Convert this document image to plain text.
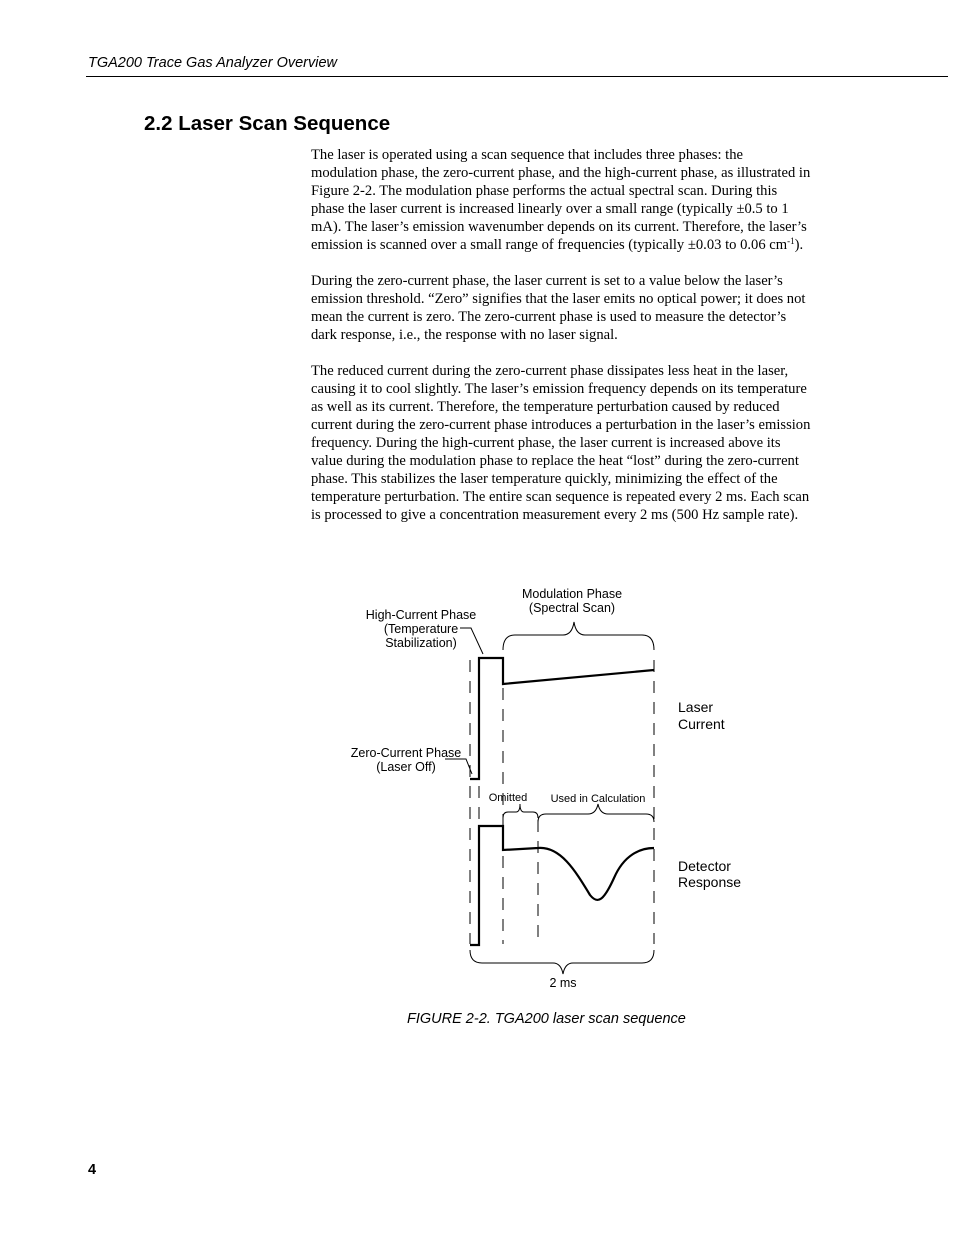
TGA200 Trace Gas Analyzer Overview
2.2 Laser Scan Sequence

The laser is operated using a scan sequence that includes three phases: the modulation phase, the zero-current phase, and the high-current phase, as illustrated in Figure 2-2. The modulation phase performs the actual spectral scan. During this phase the laser current is increased linearly over a small range (typically ±0.5 to 1 mA). The laser’s emission wavenumber depends on its current. Therefore, the laser’s emission is scanned over a small range of frequencies (typically ±0.03 to 0.06 $cm^{-1}$).

During the zero-current phase, the laser current is set to a value below the laser’s emission threshold. “Zero” signifies that the laser emits no optical power; it does not mean the current is zero. The zero-current phase is used to measure the detector’s dark response, i.e., the response with no laser signal.

The reduced current during the zero-current phase dissipates less heat in the laser, causing it to cool slightly. The laser’s emission frequency depends on its temperature as well as its current. Therefore, the temperature perturbation caused by reduced current during the zero-current phase introduces a perturbation in the laser’s emission frequency. During the high-current phase, the laser current is increased above its value during the modulation phase to replace the heat “lost” during the zero-current phase. This stabilizes the laser temperature quickly, minimizing the effect of the temperature perturbation. The entire scan sequence is repeated every 2 ms. Each scan is processed to give a concentration measurement every 2 ms (500 Hz sample rate).

Modulation Phase
(Spectral Scan)
High-Current Phase
(Temperature
Stabilization)
Zero-Current Phase
(Laser Off)
Laser
Current
Omitted Used in Calculation
Detector
Response
2 ms
FIGURE 2-2. TGA200 laser scan sequence
4
